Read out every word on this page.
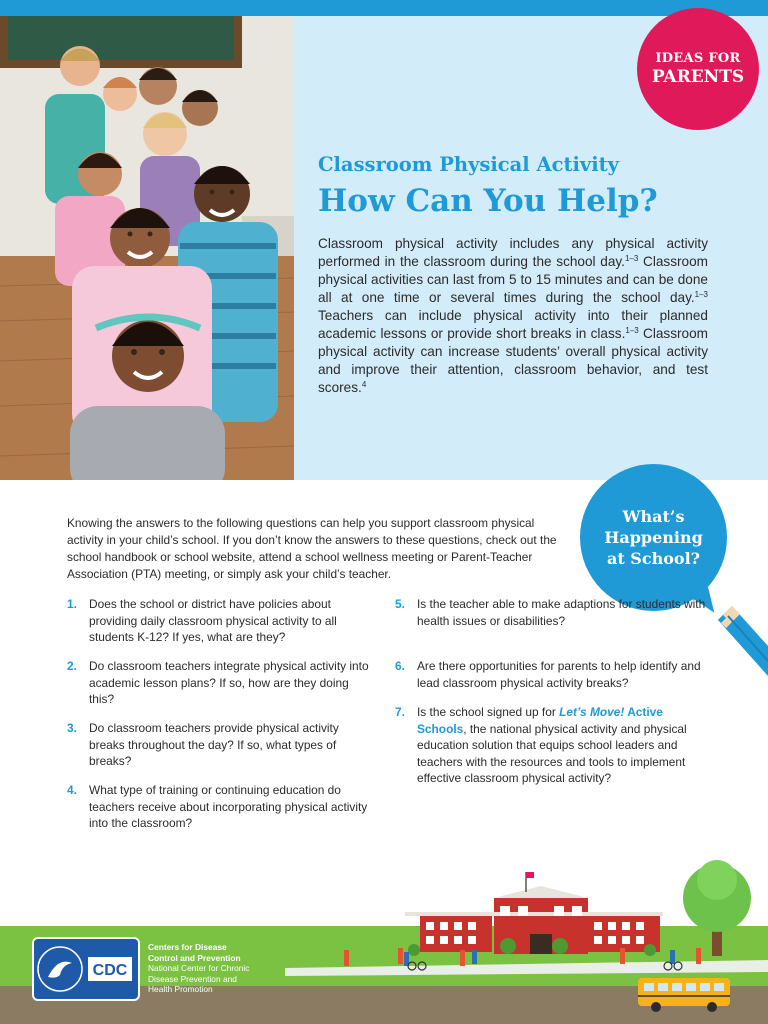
IDEAS FOR
PARENTS
Classroom Physical Activity
How Can You Help?

Classroom physical activity includes any physical activity performed in the classroom during the school day.$^{1-3}$ Classroom physical activities can last from 5 to 15 minutes and can be done all at one time or several times during the school day.$^{1-3}$ Teachers can include physical activity into their planned academic lessons or provide short breaks in class.$^{1-3}$ Classroom physical activity can increase students’ overall physical activity and improve their attention, classroom behavior, and test scores.$^4$

What’s
Happening
at School?

Knowing the answers to the following questions can help you support classroom physical activity in your child’s school. If you don’t know the answers to these questions, check out the school handbook or school website, attend a school wellness meeting or Parent-Teacher Association (PTA) meeting, or simply ask your child’s teacher.

1.	Does the school or district have policies about providing daily classroom physical activity to all students K-12? If yes, what are they?
2.	Do classroom teachers integrate physical activity into academic lesson plans? If so, how are they doing this?
3.	Do classroom teachers provide physical activity breaks throughout the day? If so, what types of breaks?
4.	What type of training or continuing education do teachers receive about incorporating physical activity into the classroom?
5.	Is the teacher able to make adaptions for students with health issues or disabilities?
6.	Are there opportunities for parents to help identify and lead classroom physical activity breaks?
7.	Is the school signed up for Let’s Move! Active Schools, the national physical activity and physical education solution that equips school leaders and teachers with the resources and tools to implement effective classroom physical activity?
CDC
Centers for Disease
Control and Prevention
National Center for Chronic
Disease Prevention and
Health Promotion
